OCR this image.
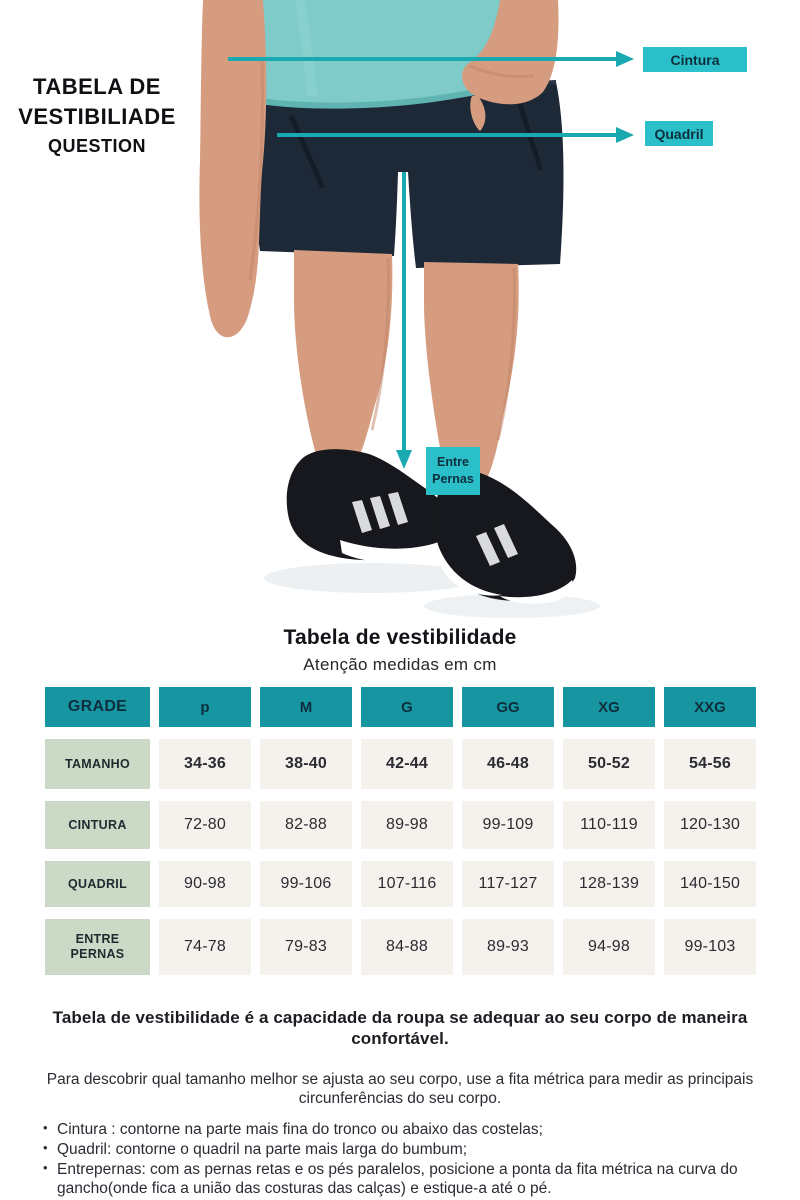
TABELA DE
VESTIBILIADE
QUESTION
Cintura
Quadril
Entre Pernas
Tabela de vestibilidade
Atenção medidas em cm
GRADE	p	M	G	GG	XG	XXG
TAMANHO	34-36	38-40	42-44	46-48	50-52	54-56
CINTURA	72-80	82-88	89-98	99-109	110-119	120-130
QUADRIL	90-98	99-106	107-116	117-127	128-139	140-150
ENTRE PERNAS	74-78	79-83	84-88	89-93	94-98	99-103
Tabela de vestibilidade é a capacidade da roupa se adequar ao seu corpo de maneira confortável.
Para descobrir qual tamanho melhor se ajusta ao seu corpo, use a fita métrica para medir as principais circunferências do seu corpo.
• Cintura : contorne na parte mais fina do tronco ou abaixo das costelas;
• Quadril: contorne o quadril na parte mais larga do bumbum;
• Entrepernas: com as pernas retas e os pés paralelos, posicione a ponta da fita métrica na curva do gancho(onde fica a união das costuras das calças) e estique-a até o pé.
